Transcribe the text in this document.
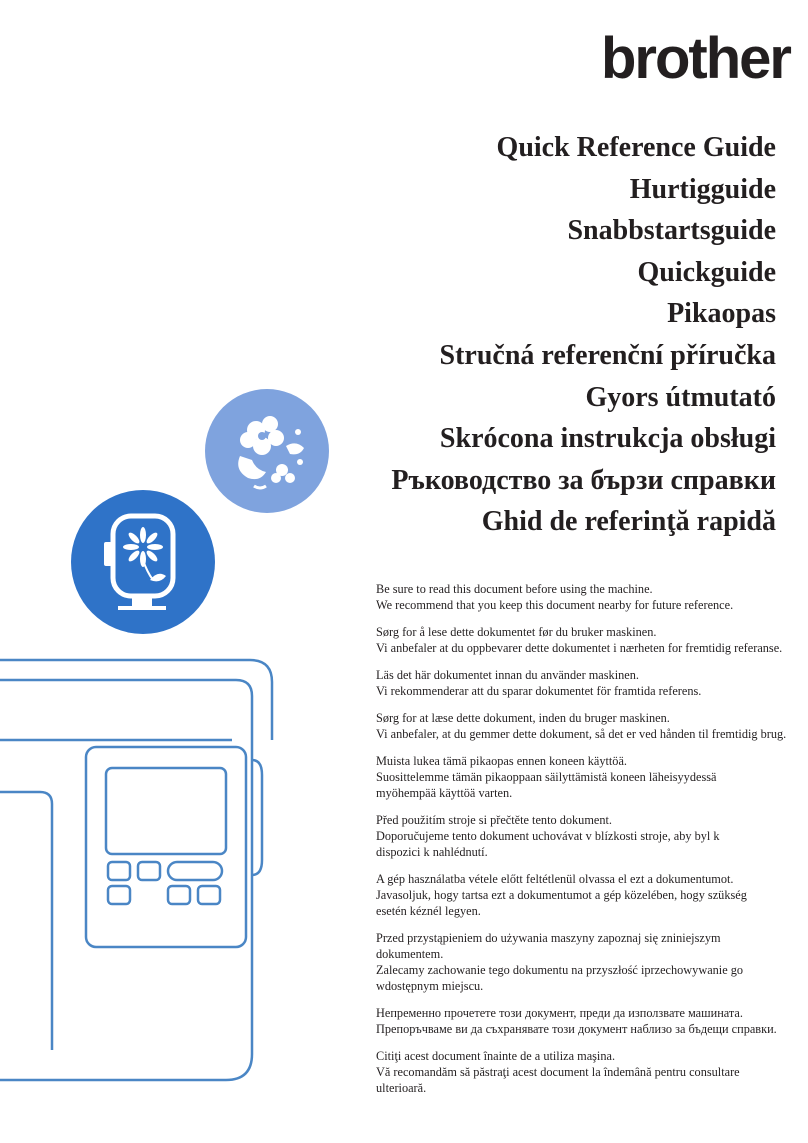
brother
Quick Reference Guide
Hurtigguide
Snabbstartsguide
Quickguide
Pikaopas
Stručná referenční příručka
Gyors útmutató
Skrócona instrukcja obsługi
Ръководство за бързи справки
Ghid de referinţă rapidă
Be sure to read this document before using the machine.
We recommend that you keep this document nearby for future reference.
Sørg for å lese dette dokumentet før du bruker maskinen.
Vi anbefaler at du oppbevarer dette dokumentet i nærheten for fremtidig referanse.
Läs det här dokumentet innan du använder maskinen.
Vi rekommenderar att du sparar dokumentet för framtida referens.
Sørg for at læse dette dokument, inden du bruger maskinen.
Vi anbefaler, at du gemmer dette dokument, så det er ved hånden til fremtidig brug.
Muista lukea tämä pikaopas ennen koneen käyttöä.
Suosittelemme tämän pikaoppaan säilyttämistä koneen läheisyydessä
myöhempää käyttöä varten.
Před použitím stroje si přečtěte tento dokument.
Doporučujeme tento dokument uchovávat v blízkosti stroje, aby byl k
dispozici k nahlédnutí.
A gép használatba vétele előtt feltétlenül olvassa el ezt a dokumentumot.
Javasoljuk, hogy tartsa ezt a dokumentumot a gép közelében, hogy szükség
esetén kéznél legyen.
Przed przystąpieniem do używania maszyny zapoznaj się zniniejszym
dokumentem.
Zalecamy zachowanie tego dokumentu na przyszłość iprzechowywanie go
wdostępnym miejscu.
Непременно прочетете този документ, преди да използвате машината.
Препоръчваме ви да съхранявате този документ наблизо за бъдещи справки.
Citiţi acest document înainte de a utiliza maşina.
Vă recomandăm să păstraţi acest document la îndemână pentru consultare
ulterioară.
